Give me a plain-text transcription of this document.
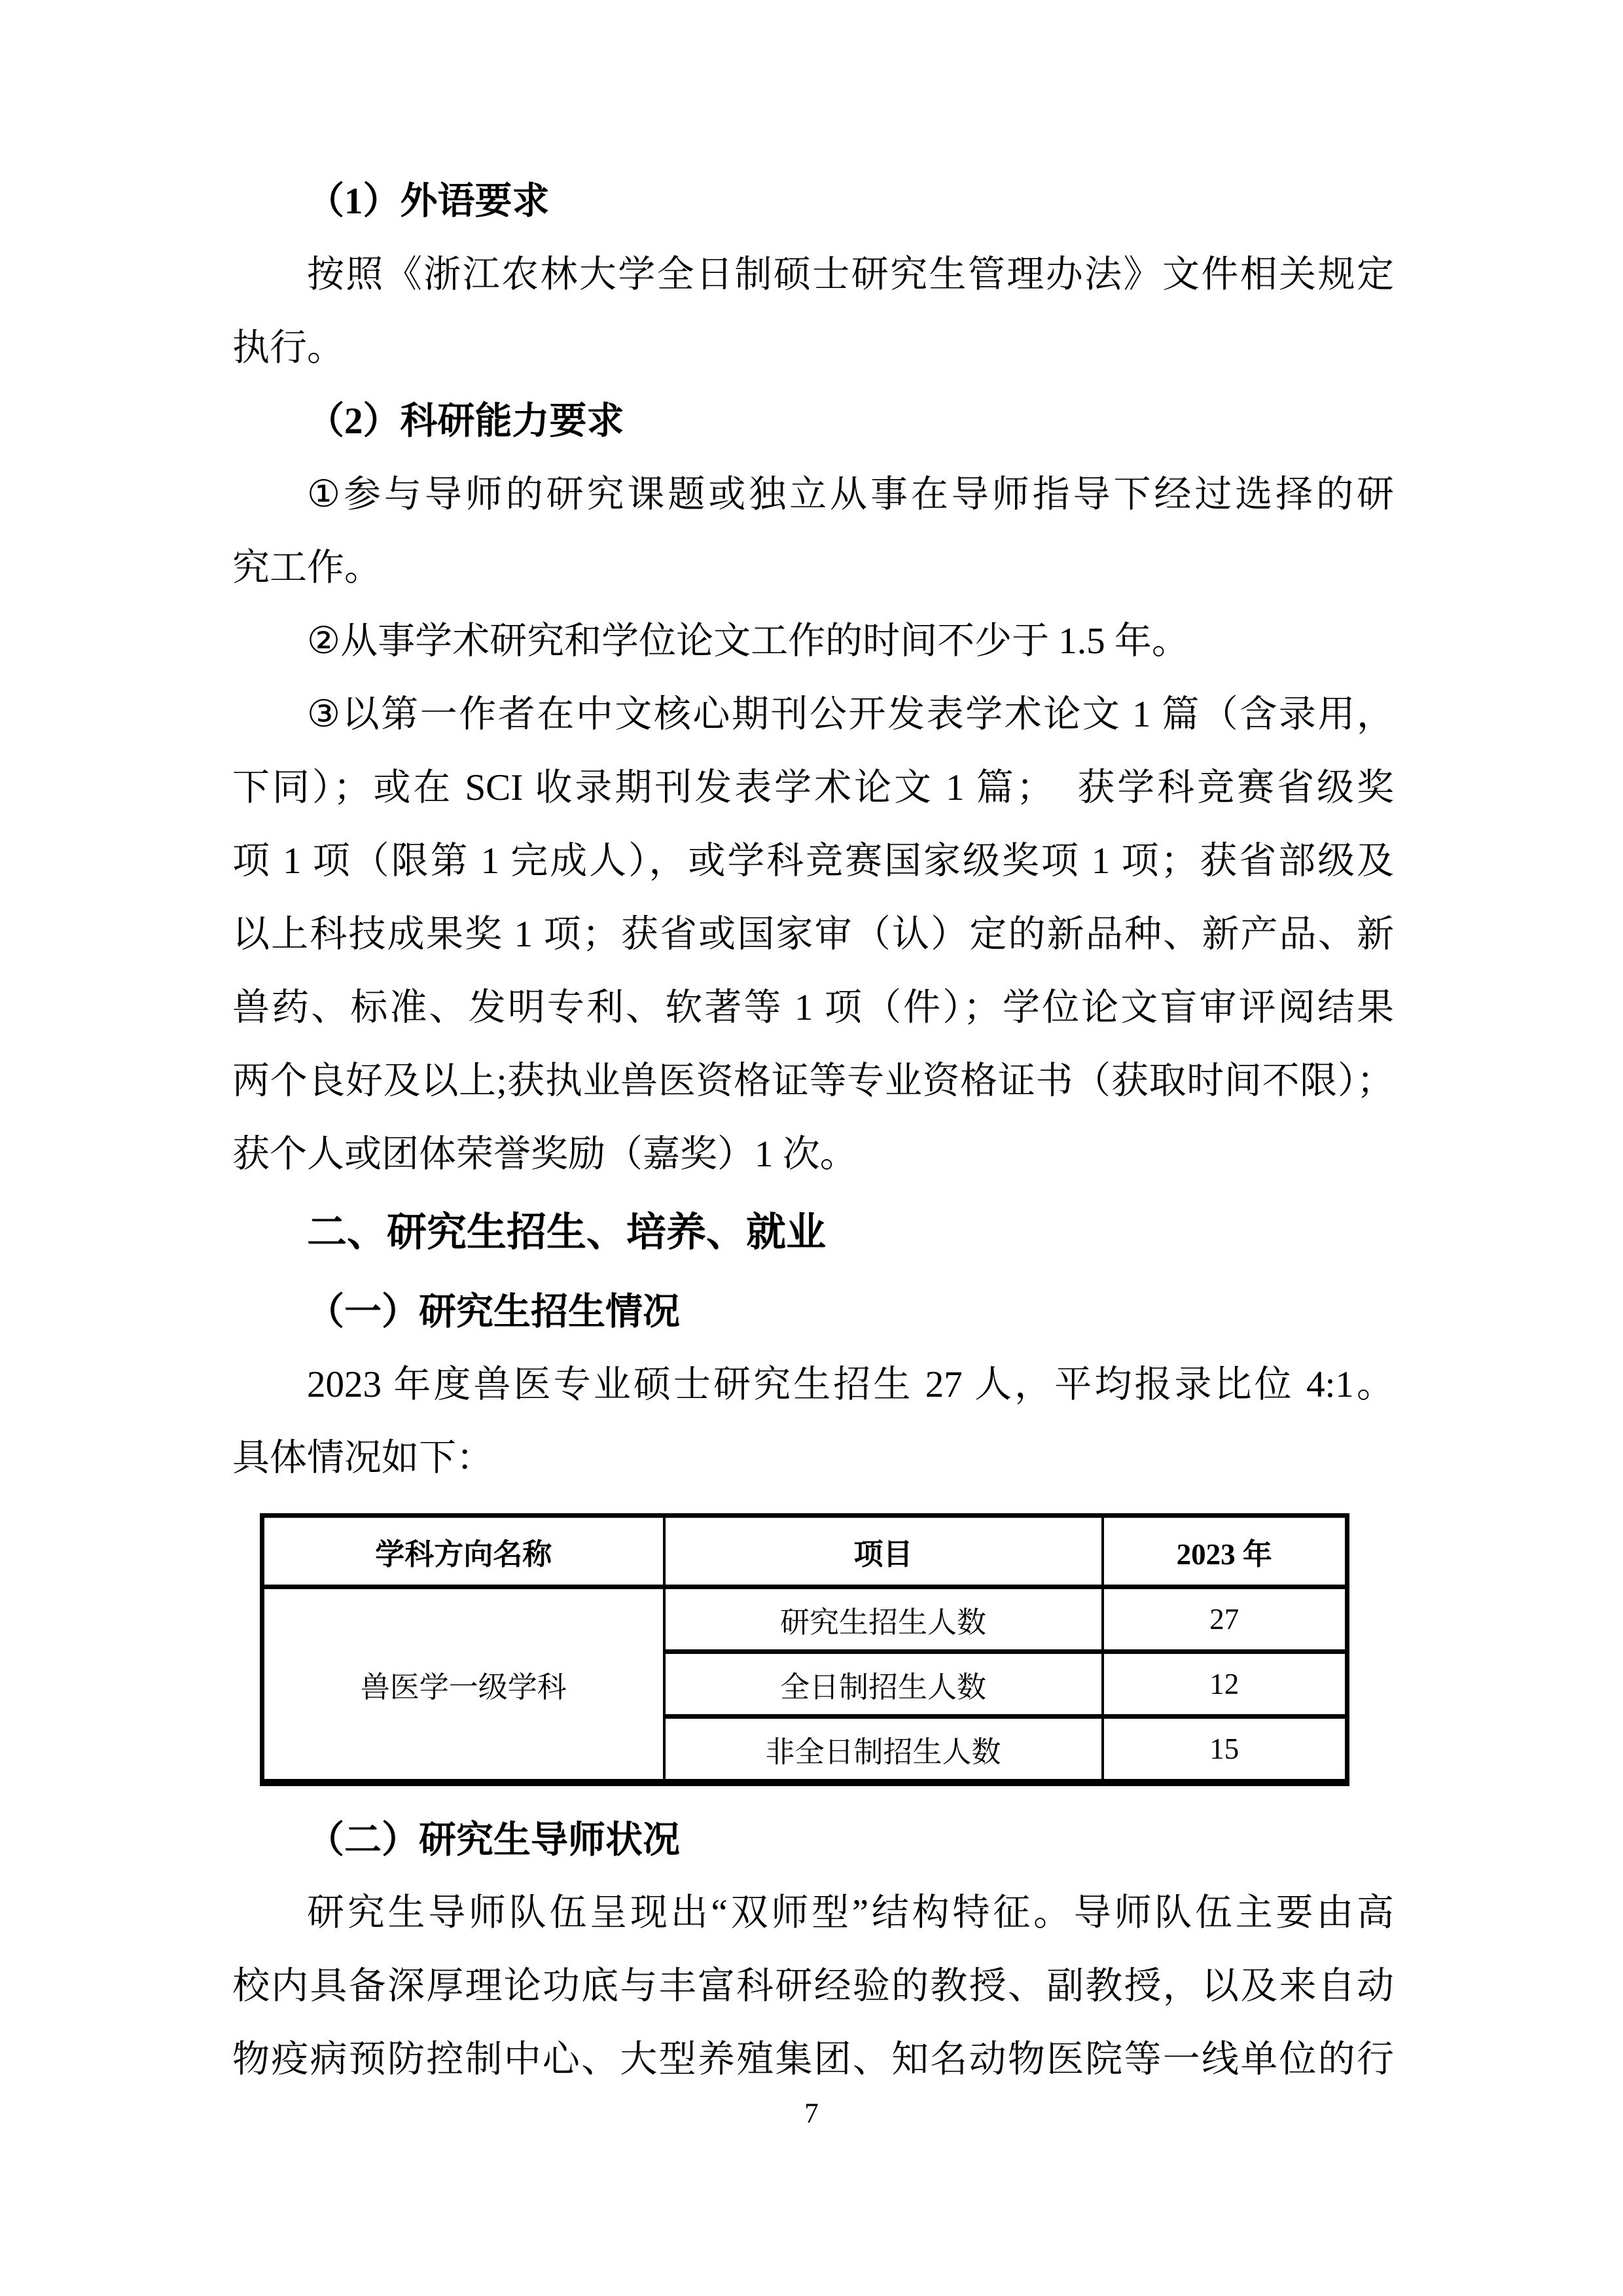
（1）外语要求
按照《浙江农林大学全日制硕士研究生管理办法》文件相关规定
执行。
（2）科研能力要求
①参与导师的研究课题或独立从事在导师指导下经过选择的研
究工作。
②从事学术研究和学位论文工作的时间不少于 1.5 年。
③以第一作者在中文核心期刊公开发表学术论文 1 篇（含录用，
下同）；或在 SCI 收录期刊发表学术论文 1 篇；　获学科竞赛省级奖
项 1 项（限第 1 完成人），或学科竞赛国家级奖项 1 项；获省部级及
以上科技成果奖 1 项；获省或国家审（认）定的新品种、新产品、新
兽药、标准、发明专利、软著等 1 项（件）；学位论文盲审评阅结果
两个良好及以上;获执业兽医资格证等专业资格证书（获取时间不限）；
获个人或团体荣誉奖励（嘉奖）1 次。
二、研究生招生、培养、就业
（一）研究生招生情况
2023 年度兽医专业硕士研究生招生 27 人，平均报录比位 4:1。
具体情况如下：
学科方向名称	项目	2023 年
兽医学一级学科	研究生招生人数	27
	全日制招生人数	12
	非全日制招生人数	15
（二）研究生导师状况
研究生导师队伍呈现出“双师型”结构特征。导师队伍主要由高
校内具备深厚理论功底与丰富科研经验的教授、副教授，以及来自动
物疫病预防控制中心、大型养殖集团、知名动物医院等一线单位的行
7
